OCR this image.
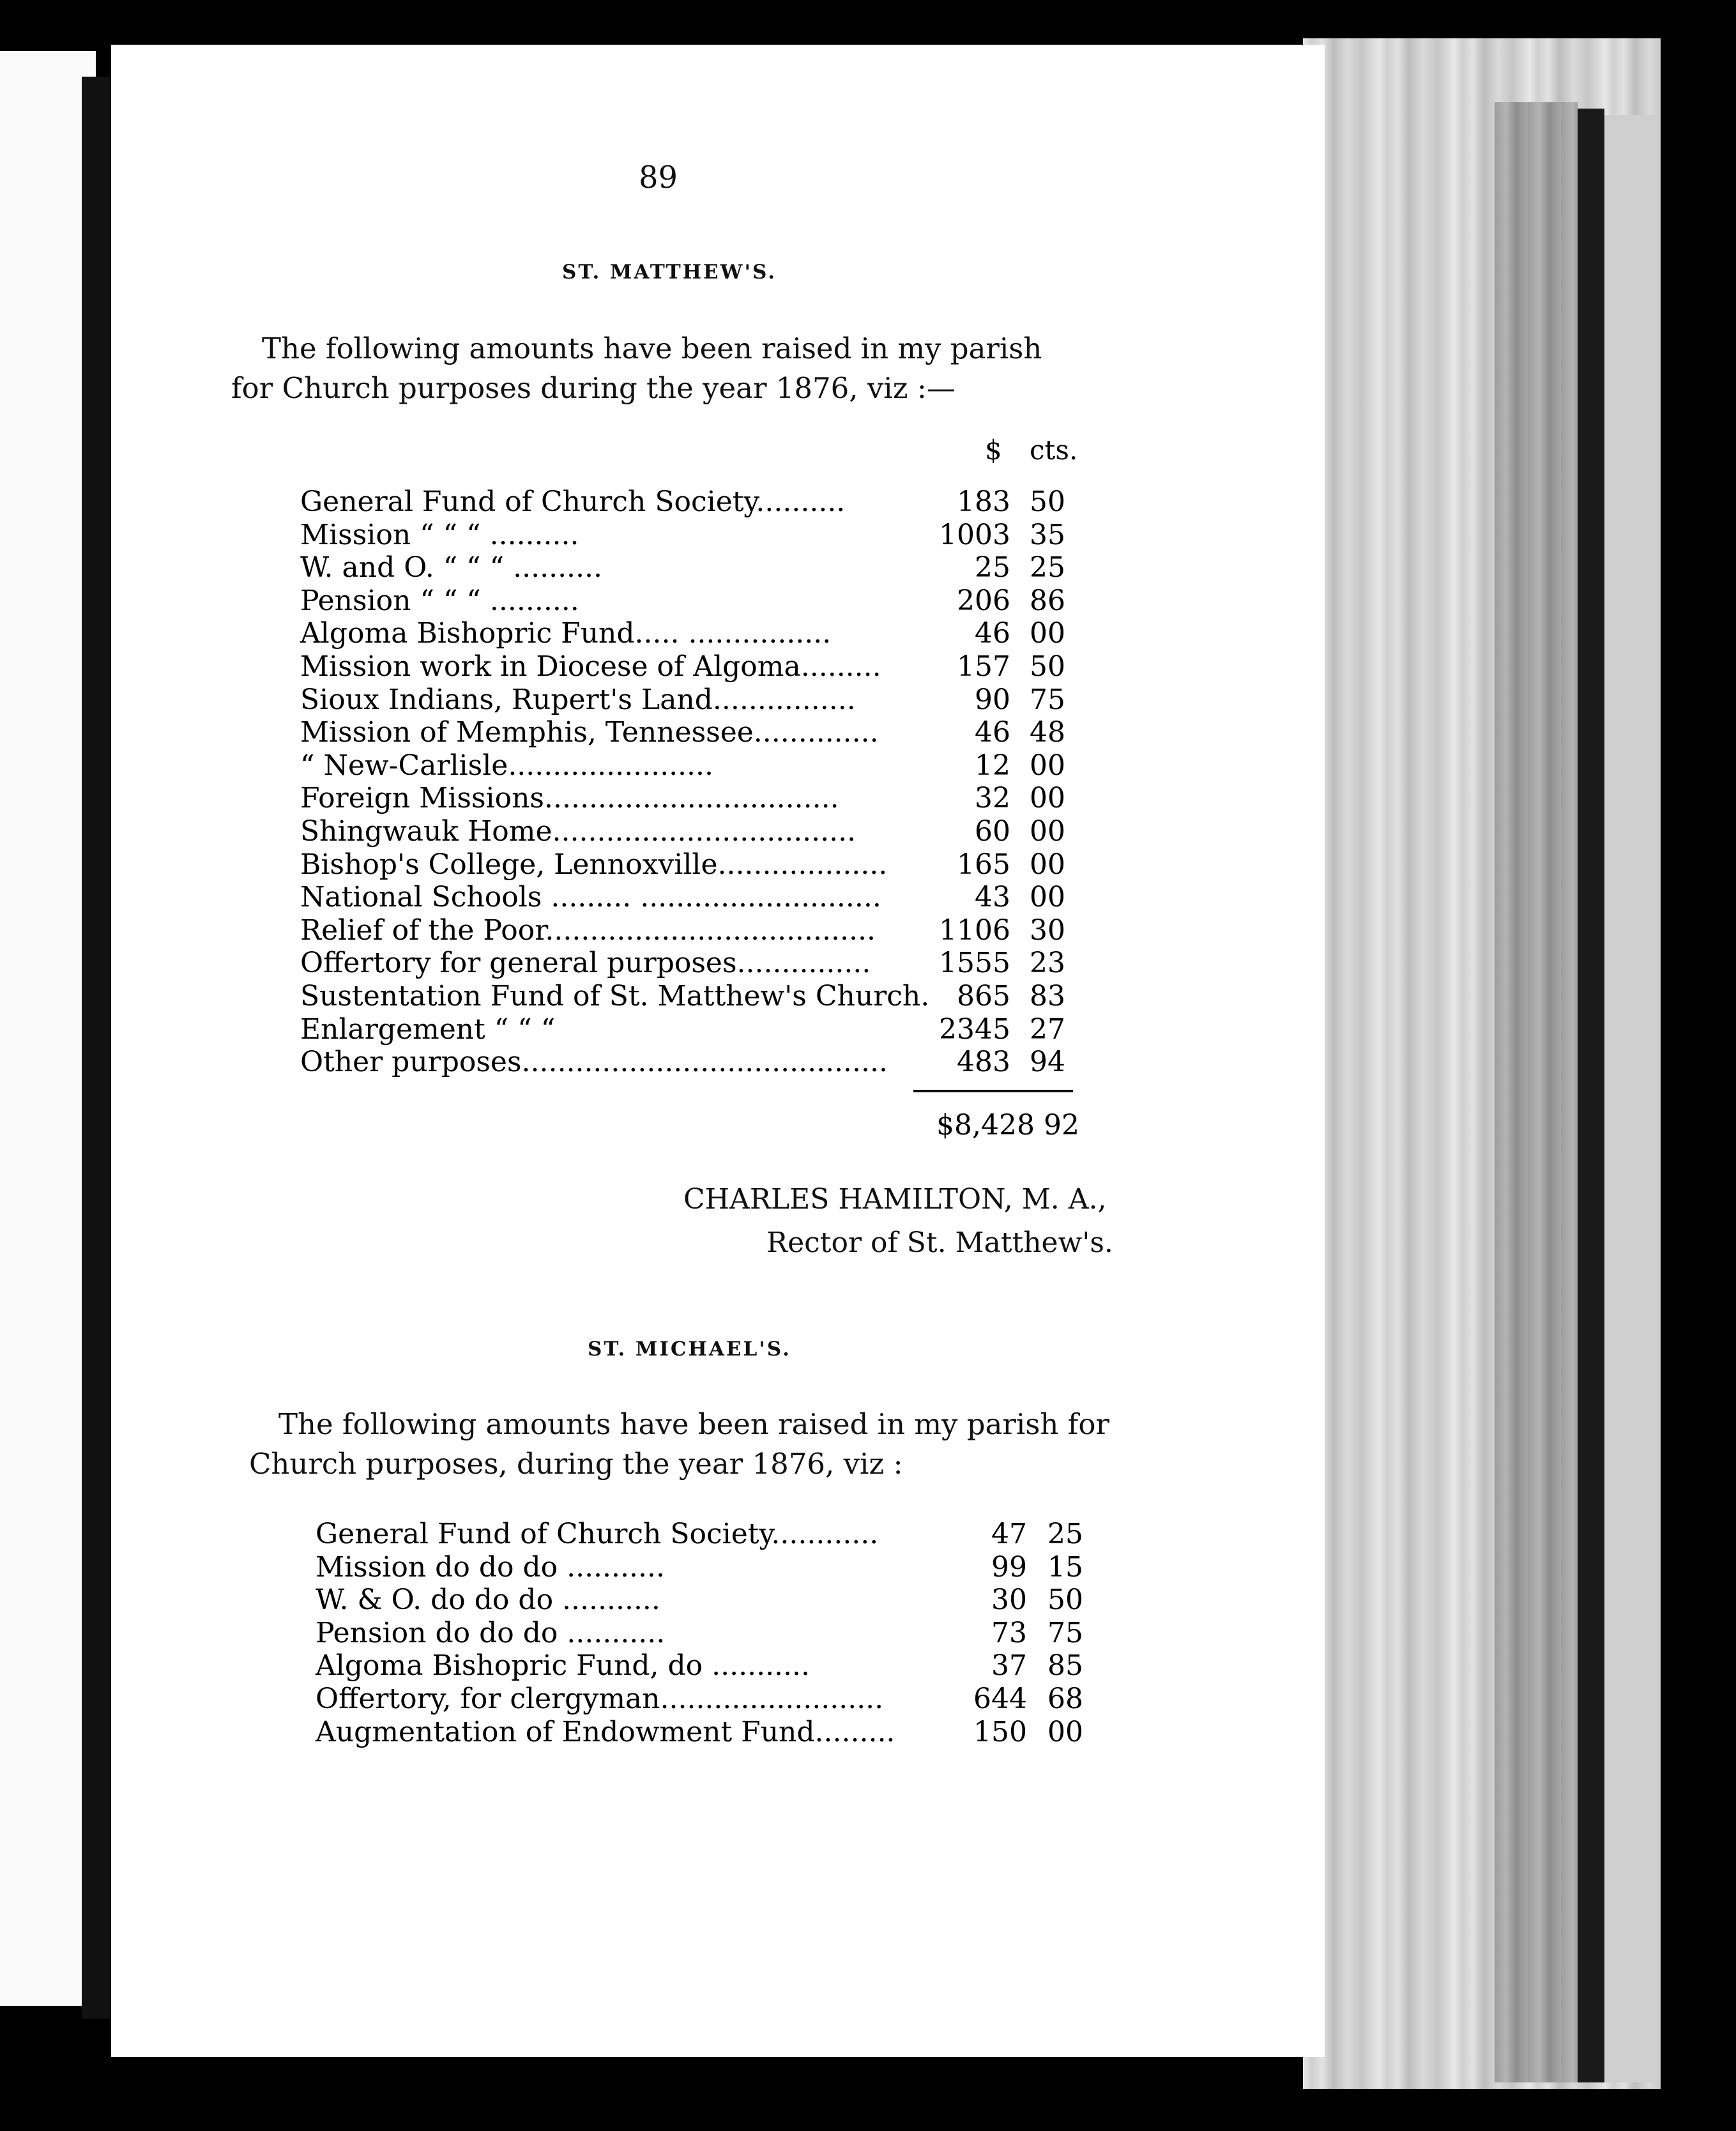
89
ST. MATTHEW'S.
The following amounts have been raised in my parish
for Church purposes during the year 1876, viz :—
$ cts.
General Fund of Church Society..........	183 50
Mission “ “ “ ..........	1003 35
W. and O. “ “ “ ..........	25 25
Pension “ “ “ ..........	206 86
Algoma Bishopric Fund..... ................	46 00
Mission work in Diocese of Algoma.........	157 50
Sioux Indians, Rupert's Land................	90 75
Mission of Memphis, Tennessee..............	46 48
“ New-Carlisle.......................	12 00
Foreign Missions.................................	32 00
Shingwauk Home..................................	60 00
Bishop's College, Lennoxville................... 165 00
National Schools ......... ...........................	43 00
Relief of the Poor..................................... 1106 30
Offertory for general purposes............... 1555 23
Sustentation Fund of St. Matthew's Church. 865 83
Enlargement “ “ “	2345 27
Other purposes......................................... 483 94
$8,428 92
CHARLES HAMILTON, M. A.,
Rector of St. Matthew's.
ST. MICHAEL'S.
The following amounts have been raised in my parish for
Church purposes, during the year 1876, viz :
General Fund of Church Society............	47 25
Mission do do do ...........	99 15
W. & O. do do do ...........	30 50
Pension do do do ...........	73 75
Algoma Bishopric Fund, do ...........	37 85
Offertory, for clergyman.........................	644 68
Augmentation of Endowment Fund.........	150 00
